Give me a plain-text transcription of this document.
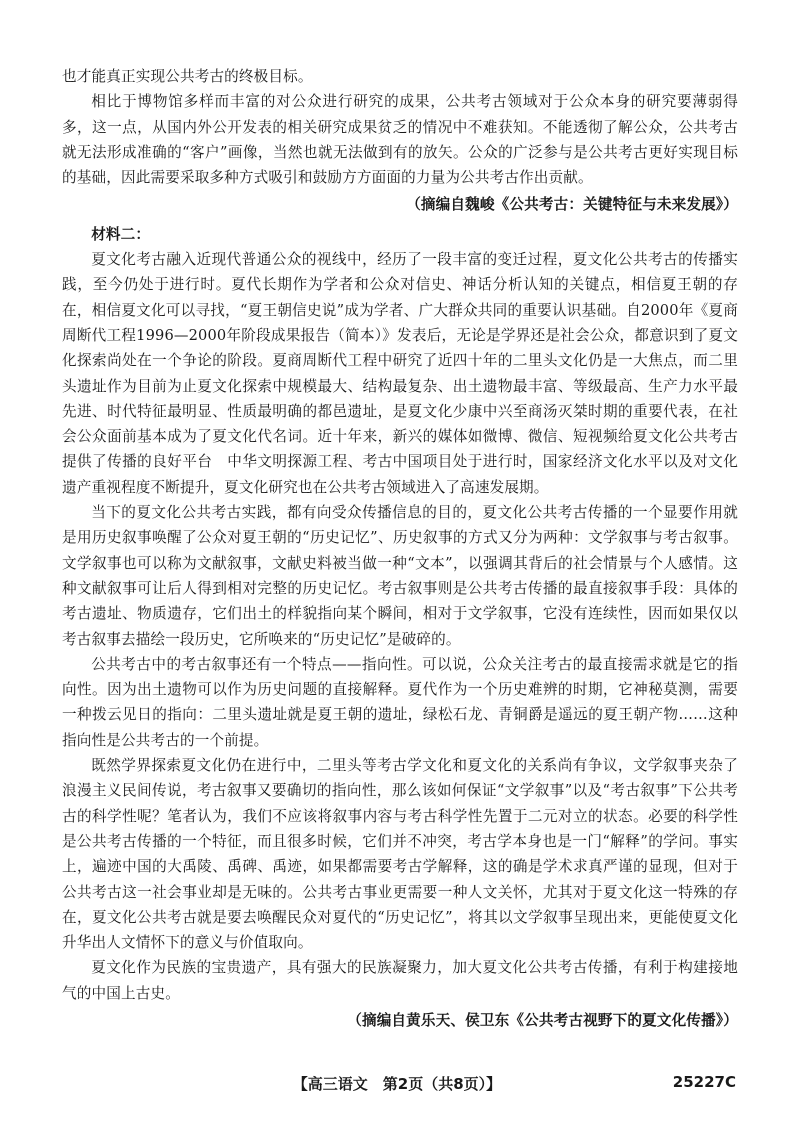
也才能真正实现公共考古的终极目标。

相比于博物馆多样而丰富的对公众进行研究的成果，公共考古领域对于公众本身的研究要薄弱得多，这一点，从国内外公开发表的相关研究成果贫乏的情况中不难获知。不能透彻了解公众，公共考古就无法形成准确的“客户”画像，当然也就无法做到有的放矢。公众的广泛参与是公共考古更好实现目标的基础，因此需要采取多种方式吸引和鼓励方方面面的力量为公共考古作出贡献。

（摘编自魏峻《公共考古：关键特征与未来发展》）

材料二：

夏文化考古融入近现代普通公众的视线中，经历了一段丰富的变迁过程，夏文化公共考古的传播实践，至今仍处于进行时。夏代长期作为学者和公众对信史、神话分析认知的关键点，相信夏王朝的存在，相信夏文化可以寻找，“夏王朝信史说”成为学者、广大群众共同的重要认识基础。自2000年《夏商周断代工程1996—2000年阶段成果报告（简本）》发表后，无论是学界还是社会公众，都意识到了夏文化探索尚处在一个争论的阶段。夏商周断代工程中研究了近四十年的二里头文化仍是一大焦点，而二里头遗址作为目前为止夏文化探索中规模最大、结构最复杂、出土遗物最丰富、等级最高、生产力水平最先进、时代特征最明显、性质最明确的都邑遗址，是夏文化少康中兴至商汤灭桀时期的重要代表，在社会公众面前基本成为了夏文化代名词。近十年来，新兴的媒体如微博、微信、短视频给夏文化公共考古提供了传播的良好平台　中华文明探源工程、考古中国项目处于进行时，国家经济文化水平以及对文化遗产重视程度不断提升，夏文化研究也在公共考古领域进入了高速发展期。

当下的夏文化公共考古实践，都有向受众传播信息的目的，夏文化公共考古传播的一个显要作用就是用历史叙事唤醒了公众对夏王朝的“历史记忆”、历史叙事的方式又分为两种：文学叙事与考古叙事。文学叙事也可以称为文献叙事，文献史料被当做一种“文本”，以强调其背后的社会情景与个人感情。这种文献叙事可让后人得到相对完整的历史记忆。考古叙事则是公共考古传播的最直接叙事手段：具体的考古遗址、物质遗存，它们出土的样貌指向某个瞬间，相对于文学叙事，它没有连续性，因而如果仅以考古叙事去描绘一段历史，它所唤来的“历史记忆”是破碎的。

公共考古中的考古叙事还有一个特点——指向性。可以说，公众关注考古的最直接需求就是它的指向性。因为出土遗物可以作为历史问题的直接解释。夏代作为一个历史难辨的时期，它神秘莫测，需要一种拨云见日的指向：二里头遗址就是夏王朝的遗址，绿松石龙、青铜爵是遥远的夏王朝产物……这种指向性是公共考古的一个前提。

既然学界探索夏文化仍在进行中，二里头等考古学文化和夏文化的关系尚有争议，文学叙事夹杂了浪漫主义民间传说，考古叙事又要确切的指向性，那么该如何保证“文学叙事”以及“考古叙事”下公共考古的科学性呢？笔者认为，我们不应该将叙事内容与考古科学性先置于二元对立的状态。必要的科学性是公共考古传播的一个特征，而且很多时候，它们并不冲突，考古学本身也是一门“解释”的学问。事实上，遍迹中国的大禹陵、禹碑、禹迹，如果都需要考古学解释，这的确是学术求真严谨的显现，但对于公共考古这一社会事业却是无味的。公共考古事业更需要一种人文关怀，尤其对于夏文化这一特殊的存在，夏文化公共考古就是要去唤醒民众对夏代的“历史记忆”，将其以文学叙事呈现出来，更能使夏文化升华出人文情怀下的意义与价值取向。

夏文化作为民族的宝贵遗产，具有强大的民族凝聚力，加大夏文化公共考古传播，有利于构建接地气的中国上古史。

（摘编自黄乐天、侯卫东《公共考古视野下的夏文化传播》）

【高三语文　第2页（共8页）】	25227C
